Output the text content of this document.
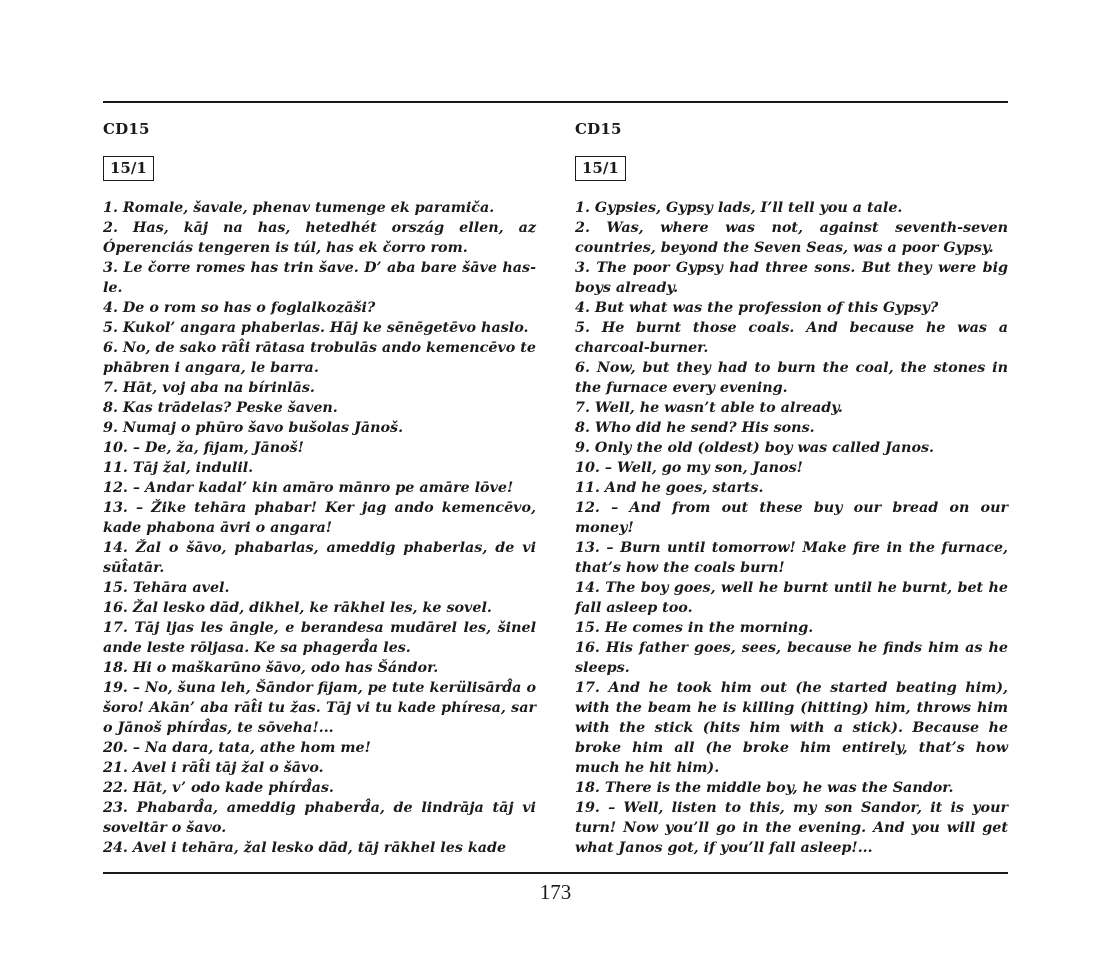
CD15

15/1

1. Romale, šavale, phenav tumenge ek paramiča.

2. Has, kāj na has, hetedhét ország ellen, az Óperenciás tengeren is túl, has ek čorro rom.

3. Le čorre romes has trin šave. D’ aba bare šāve has-le.

4. De o rom so has o foglalkozāši?

5. Kukol’ angara phaberlas. Hāj ke sēnēgetēvo haslo.

6. No, de sako rāt̂i rātasa trobulās ando kemencēvo te phābren i angara, le barra.

7. Hāt, voj aba na bírinlās.

8. Kas trādelas? Peske šaven.

9. Numaj o phūro šavo bušolas Jānoš.

10. – De, ža, fijam, Jānoš!

11. Tāj žal, indulil.

12. – Andar kadal’ kin amāro mānro pe amāre lōve!

13. – Žike tehāra phabar! Ker jag ando kemencēvo, kade phabona āvri o angara!

14. Žal o šāvo, phabarlas, ameddig phaberlas, de vi sūt̂atār.

15. Tehāra avel.

16. Žal lesko dād, dikhel, ke rākhel les, ke sovel.

17. Tāj ljas les āngle, e berandesa mudārel les, šinel ande leste rōljasa. Ke sa phagerd̂a les.

18. Hi o maškarūno šāvo, odo has Šándor.

19. – No, šuna leh, Šāndor fijam, pe tute kerülisārd̂a o šoro! Akān’ aba rāt̂i tu žas. Tāj vi tu kade phíresa, sar o Jānoš phírd̂as, te sōveha!...

20. – Na dara, tata, athe hom me!

21. Avel i rāt̂i tāj žal o šāvo.

22. Hāt, v’ odo kade phírd̂as.

23. Phabard̂a, ameddig phaberd̂a, de lindrāja tāj vi soveltār o šavo.

24. Avel i tehāra, žal lesko dād, tāj rākhel les kade

CD15

15/1

1. Gypsies, Gypsy lads, I’ll tell you a tale.

2. Was, where was not, against seventh-seven countries, beyond the Seven Seas, was a poor Gypsy.

3. The poor Gypsy had three sons. But they were big boys already.

4. But what was the profession of this Gypsy?

5. He burnt those coals. And because he was a charcoal-burner.

6. Now, but they had to burn the coal, the stones in the furnace every evening.

7. Well, he wasn’t able to already.

8. Who did he send? His sons.

9. Only the old (oldest) boy was called Janos.

10. – Well, go my son, Janos!

11. And he goes, starts.

12. – And from out these buy our bread on our money!

13. – Burn until tomorrow! Make fire in the furnace, that’s how the coals burn!

14. The boy goes, well he burnt until he burnt, bet he fall asleep too.

15. He comes in the morning.

16. His father goes, sees, because he finds him as he sleeps.

17. And he took him out (he started beating him), with the beam he is killing (hitting) him, throws him with the stick (hits him with a stick). Because he broke him all (he broke him entirely, that’s how much he hit him).

18. There is the middle boy, he was the Sandor.

19. – Well, listen to this, my son Sandor, it is your turn! Now you’ll go in the evening. And you will get what Janos got, if you’ll fall asleep!...

173
